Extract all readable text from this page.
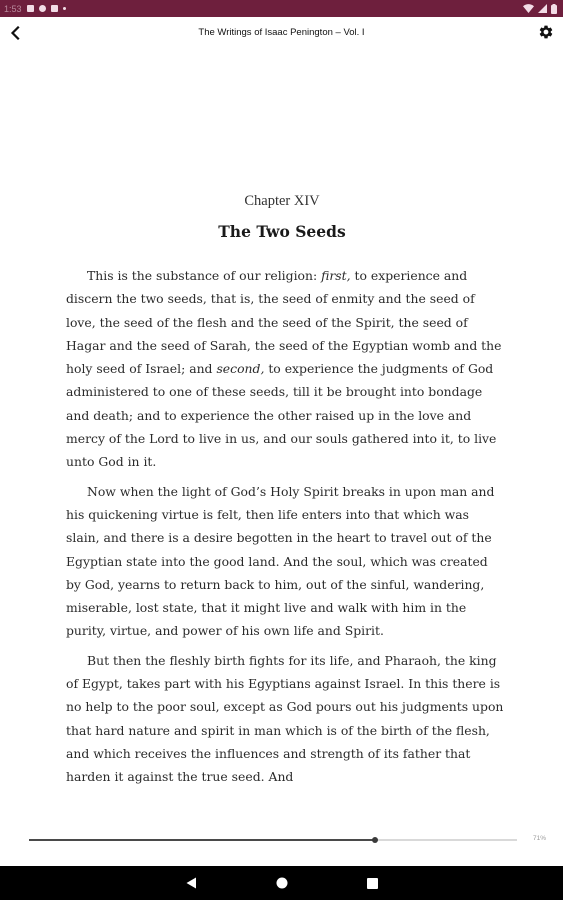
1:53
The Writings of Isaac Penington – Vol. I
Chapter XIV
The Two Seeds

This is the substance of our religion: first, to experience and discern the two seeds, that is, the seed of enmity and the seed of love, the seed of the flesh and the seed of the Spirit, the seed of Hagar and the seed of Sarah, the seed of the Egyptian womb and the holy seed of Israel; and second, to experience the judgments of God administered to one of these seeds, till it be brought into bondage and death; and to experience the other raised up in the love and mercy of the Lord to live in us, and our souls gathered into it, to live unto God in it.

Now when the light of God’s Holy Spirit breaks in upon man and his quickening virtue is felt, then life enters into that which was slain, and there is a desire begotten in the heart to travel out of the Egyptian state into the good land. And the soul, which was created by God, yearns to return back to him, out of the sinful, wandering, miserable, lost state, that it might live and walk with him in the purity, virtue, and power of his own life and Spirit.

But then the fleshly birth fights for its life, and Pharaoh, the king of Egypt, takes part with his Egyptians against Israel. In this there is no help to the poor soul, except as God pours out his judgments upon that hard nature and spirit in man which is of the birth of the flesh, and which receives the influences and strength of its father that harden it against the true seed. And

71%
